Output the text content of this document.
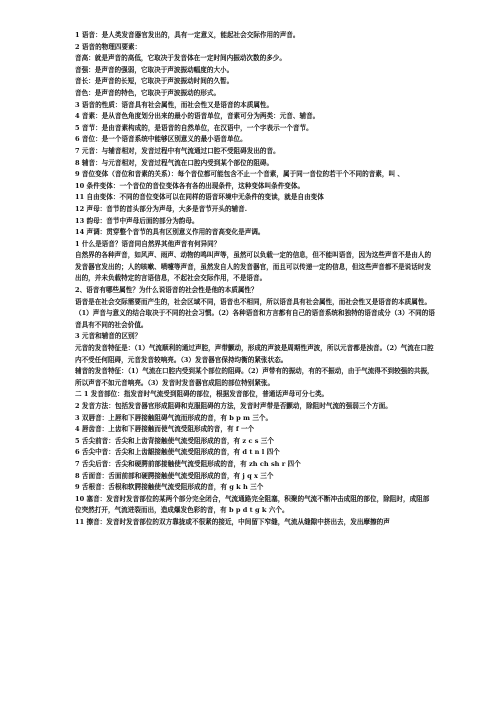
1 语音：是人类发音器官发出的，具有一定意义，能起社会交际作用的声音。
2 语音的物理四要素：
音高：就是声音的高低，它取决于发音体在一定时间内振动次数的多少。
音强：是声音的强弱，它取决于声波振动幅度的大小。
音长：是声音的长短，它取决于声波振动时间的久暂。
音色：是声音的特色，它取决于声波振动的形式。
3 语音的性质：语音具有社会属性，而社会性又是语音的本质属性。
4 音素：是从音色角度划分出来的最小的语音单位，音素可分为两类：元音、辅音。
5 音节：是由音素构成的，是语音的自然单位，在汉语中，一个字表示一个音节。
6 音位：是一个语音系统中能够区别意义的最小语音单位。
7 元音：与辅音相对，发音过程中有气流通过口腔不受阻碍发出的音。
8 辅音：与元音相对，发音过程气流在口腔内受到某个部位的阻碍。
9 音位变体（音位和音素的关系）：每个音位都可能包含不止一个音素，属于同一音位的若干个不同的音素，叫 、
10 条件变体：一个音位的音位变体各有各的出现条件，这种变体叫条件变体。
11 自由变体：不同的音位变体可以在同样的语音环境中无条件的变读，就是自由变体
12 声母：音节的首头部分为声母，大多是音节开头的辅音.
13 韵母：音节中声母后面的部分为韵母。
14 声调：贯穿整个音节的具有区别意义作用的音高变化是声调。
1 什么是语音？语音同自然界其他声音有何异同？
自然界的各种声音，如风声、雨声、动物的鸣叫声等，虽然可以负载一定的信息，但不能叫语音，因为这些声音不是由人的发音器官发出的；人的咳嗽、喷嚏等声音，虽然发自人的发音器官，而且可以传递一定的信息，但这些声音都不是说话时发出的，并未负载特定的言语信息，不起社会交际作用，不是语音。
2、语音有哪些属性？为什么说语音的社会性是他的本质属性？
语音是在社会交际需要而产生的，社会区域不同，语音也不相同，所以语音具有社会属性，而社会性又是语音的本质属性。（1）声音与意义的结合取决于不同的社会习惯。（2）各种语音和方言都有自己的语音系统和独特的语音成分（3）不同的语音具有不同的社会价值。
3 元音和辅音的区别？
元音的发音特征是：（1）气流顺利的通过声腔，声带颤动，形成的声波是周期性声波，所以元音都是浊音。（2）气流在口腔内不受任何阻碍，元音发音较响亮。（3）发音器官保持均衡的紧张状态。
辅音的发音特征：（1）气流在口腔内受到某个部位的阻碍。（2）声带有的振动，有的不振动，由于气流得不到较强的共振，所以声音不如元音响亮。（3）发音时发音器官成阻的部位特别紧张。
二 1 发音部位：指发音时气流受到阻碍的部位，根据发音部位，普通话声母可分七类。
2 发音方法：包括发音器官形成阻碍和克服阻碍的方法，发音时声带是否颤动，除阻时气流的强弱三个方面。
3 双唇音：上唇和下唇接触阻碍气流而形成的音，有 b p m 三个。
4 唇齿音：上齿和下唇接触而使气流受阻形成的音，有 f 一个
5 舌尖前音：舌尖和上齿背接触使气流受阻形成的音，有 z c s 三个
6 舌尖中音：舌尖和上齿龈接触使气流受阻形成的音，有 d t n l 四个
7 舌尖后音：舌尖和硬腭前部接触使气流受阻形成的音，有 zh ch sh r 四个
8 舌面音：舌面前部和硬腭接触使气流受阻形成的音，有 j q x 三个
9 舌根音：舌根和软腭接触使气流受阻形成的音，有 g k h 三个
10 塞音：发音时发音部位的某两个部分完全闭合，气流通路完全阻塞，积聚的气流不断冲击成阻的部位，除阻时，成阻部位突然打开，气流迸裂而出，造成爆发色彩的音，有 b p d t g k 六个。
11 擦音：发音时发音部位的双方靠拢或不很紧的接近，中间留下窄缝，气流从缝隙中挤出去，发出摩擦的声
